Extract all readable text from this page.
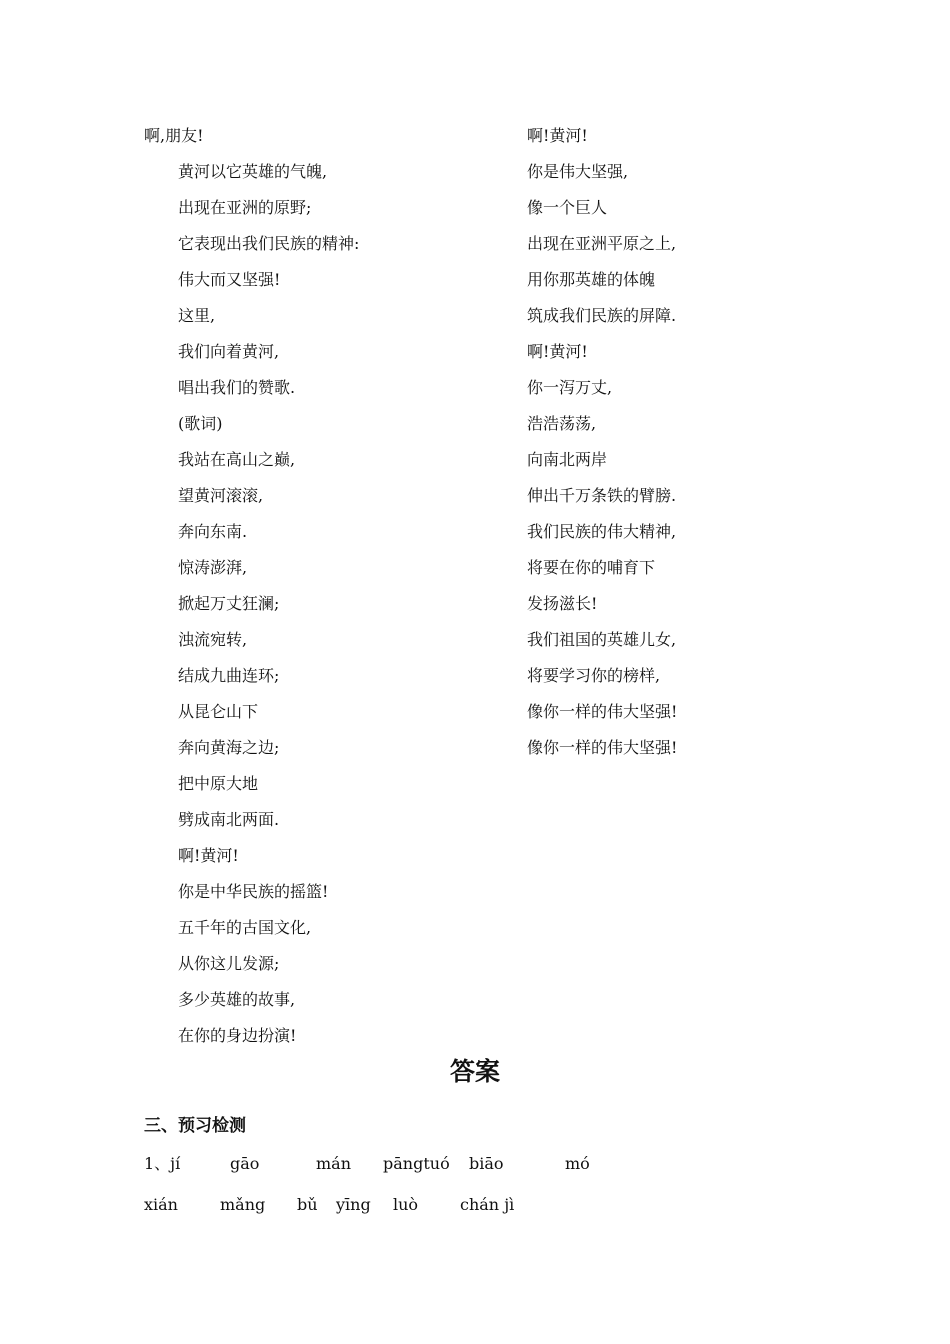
啊,朋友!
黄河以它英雄的气魄,
出现在亚洲的原野;
它表现出我们民族的精神:
伟大而又坚强!
这里,
我们向着黄河,
唱出我们的赞歌.
(歌词)
我站在高山之巅,
望黄河滚滚,
奔向东南.
惊涛澎湃,
掀起万丈狂澜;
浊流宛转,
结成九曲连环;
从昆仑山下
奔向黄海之边;
把中原大地
劈成南北两面.
啊!黄河!
你是中华民族的摇篮!
五千年的古国文化,
从你这儿发源;
多少英雄的故事,
在你的身边扮演!
啊!黄河!
你是伟大坚强,
像一个巨人
出现在亚洲平原之上,
用你那英雄的体魄
筑成我们民族的屏障.
啊!黄河!
你一泻万丈,
浩浩荡荡,
向南北两岸
伸出千万条铁的臂膀.
我们民族的伟大精神,
将要在你的哺育下
发扬滋长!
我们祖国的英雄儿女,
将要学习你的榜样,
像你一样的伟大坚强!
像你一样的伟大坚强!
答案
三、预习检测
1、jí	gāo	mán pāngtuó biāo	mó
xián	mǎng bǔ yīng luò	chán jì
